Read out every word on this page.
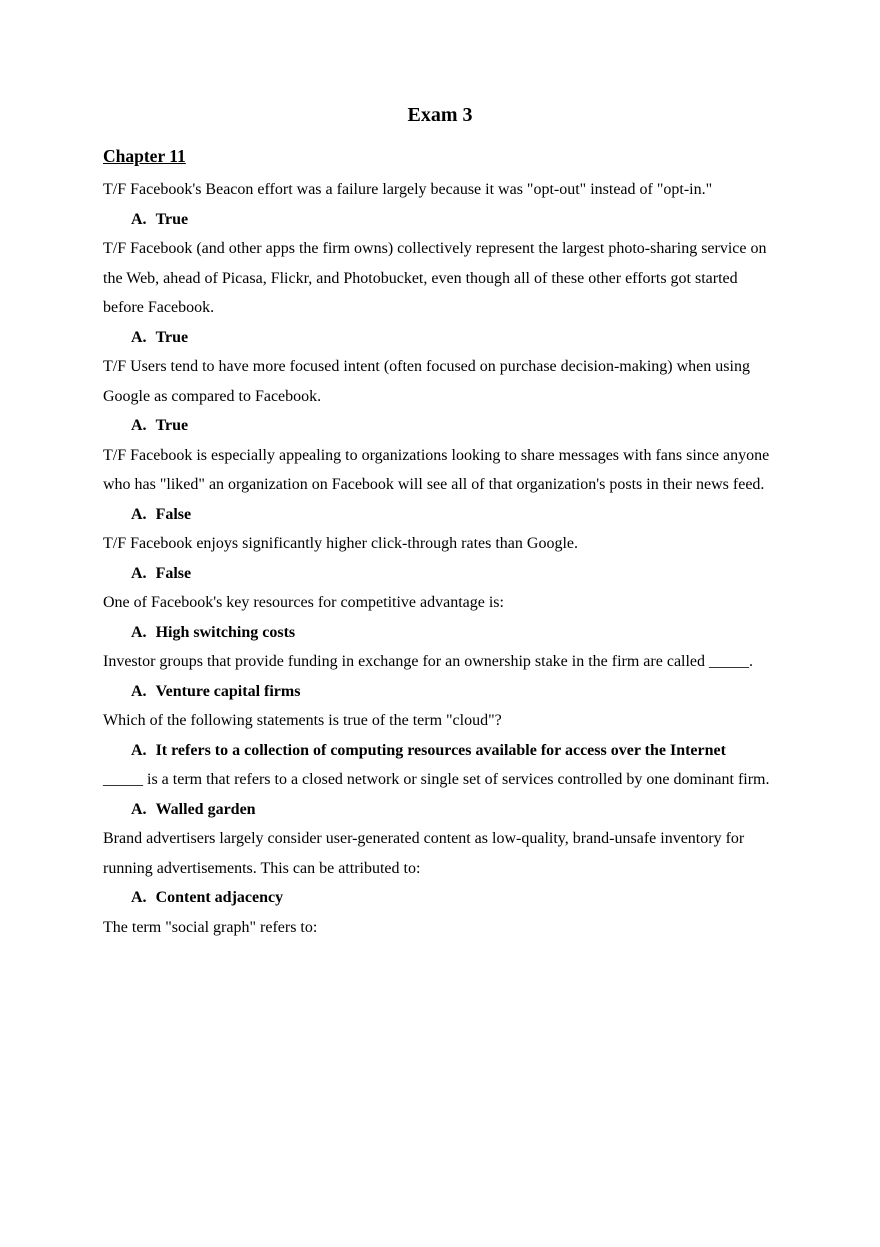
Exam 3
Chapter 11

T/F Facebook's Beacon effort was a failure largely because it was "opt-out" instead of "opt-in."

A. True

T/F Facebook (and other apps the firm owns) collectively represent the largest photo-sharing service on the Web, ahead of Picasa, Flickr, and Photobucket, even though all of these other efforts got started before Facebook.

A. True

T/F Users tend to have more focused intent (often focused on purchase decision-making) when using Google as compared to Facebook.

A. True

T/F Facebook is especially appealing to organizations looking to share messages with fans since anyone who has "liked" an organization on Facebook will see all of that organization's posts in their news feed.

A. False

T/F Facebook enjoys significantly higher click-through rates than Google.

A. False

One of Facebook's key resources for competitive advantage is:

A. High switching costs

Investor groups that provide funding in exchange for an ownership stake in the firm are called _____.

A. Venture capital firms

Which of the following statements is true of the term "cloud"?

A. It refers to a collection of computing resources available for access over the Internet

_____ is a term that refers to a closed network or single set of services controlled by one dominant firm.

A. Walled garden

Brand advertisers largely consider user-generated content as low-quality, brand-unsafe inventory for running advertisements. This can be attributed to:

A. Content adjacency

The term "social graph" refers to:
